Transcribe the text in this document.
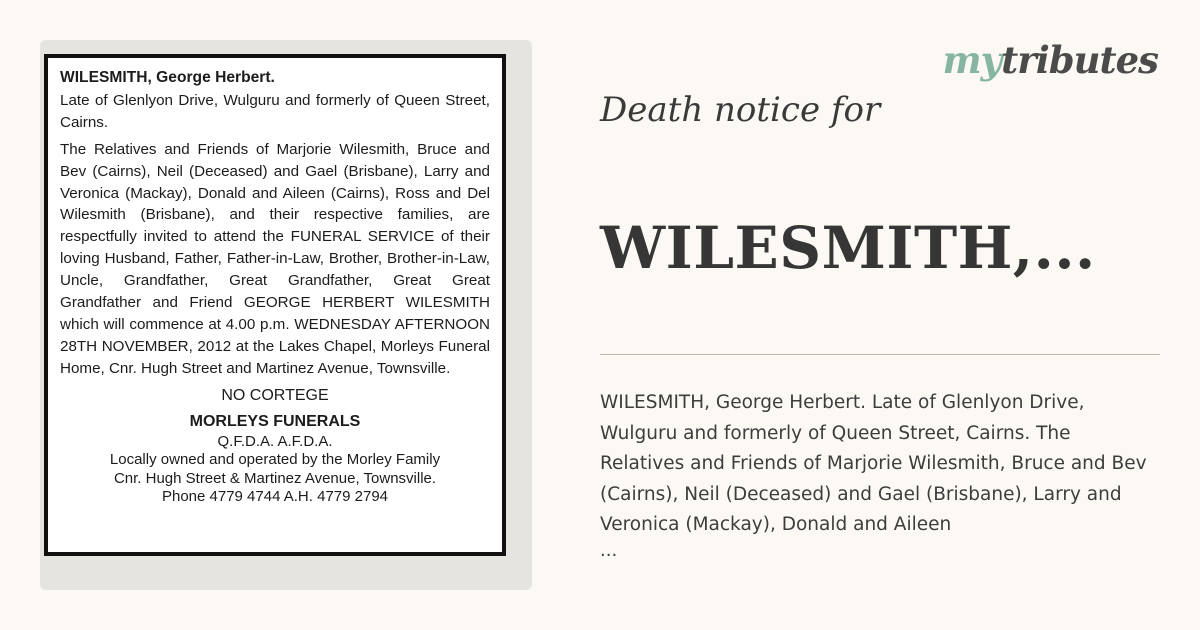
WILESMITH, George Herbert.

Late of Glenlyon Drive, Wulguru and formerly of Queen Street, Cairns.

The Relatives and Friends of Marjorie Wilesmith, Bruce and Bev (Cairns), Neil (Deceased) and Gael (Brisbane), Larry and Veronica (Mackay), Donald and Aileen (Cairns), Ross and Del Wilesmith (Brisbane), and their respective families, are respectfully invited to attend the FUNERAL SERVICE of their loving Husband, Father, Father-in-Law, Brother, Brother-in-Law, Uncle, Grandfather, Great Grandfather, Great Great Grandfather and Friend GEORGE HERBERT WILESMITH which will commence at 4.00 p.m. WEDNESDAY AFTERNOON 28TH NOVEMBER, 2012 at the Lakes Chapel, Morleys Funeral Home, Cnr. Hugh Street and Martinez Avenue, Townsville.

NO CORTEGE

MORLEYS FUNERALS

Q.F.D.A. A.F.D.A.

Locally owned and operated by the Morley Family

Cnr. Hugh Street & Martinez Avenue, Townsville.

Phone 4779 4744 A.H. 4779 2794

mytributes
Death notice for
WILESMITH,...

WILESMITH, George Herbert. Late of Glenlyon Drive, Wulguru and formerly of Queen Street, Cairns. The Relatives and Friends of Marjorie Wilesmith, Bruce and Bev (Cairns), Neil (Deceased) and Gael (Brisbane), Larry and Veronica (Mackay), Donald and Aileen

...
